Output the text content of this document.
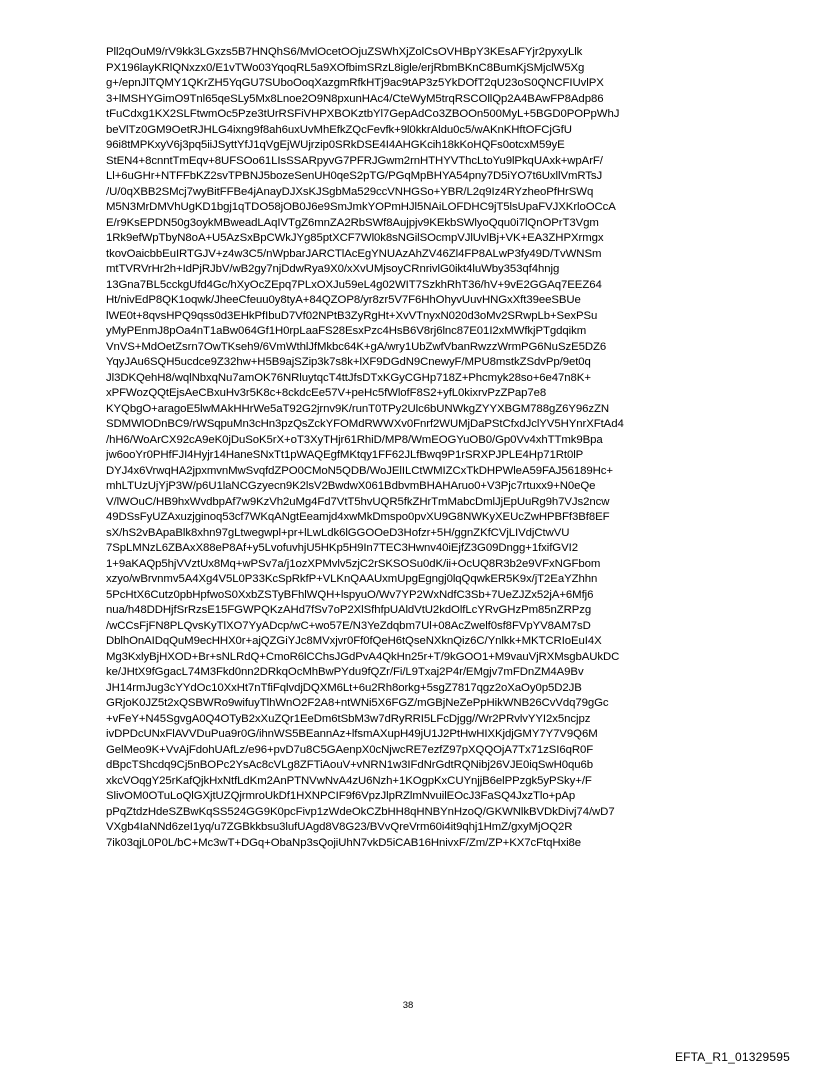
Pll2qOuM9/rV9kk3LGxzs5B7HNQhS6/MvlOcetOOjuZSWhXjZolCsOVHBpY3KEsAFYjr2pyxyLlk
PX196layKRlQNxzx0/E1vTWo03YqoqRL5a9XOfbimSRzL8igle/erjRbmBKnC8BumKjSMjclW5Xg
g+/epnJlTQMY1QKrZH5YqGU7SUboOoqXazgmRfkHTj9ac9tAP3z5YkDOfT2qU23oS0QNCFIUvlPX
3+lMSHYGimO9Tnl65qeSLy5Mx8Lnoe2O9N8pxunHAc4/CteWyM5trqRSCOllQp2A4BAwFP8Adp86
tFuCdxg1KX2SLFtwmOc5Pze3tUrRSFiVHPXBOKztbYl7GepAdCo3ZBOOn500MyL+5BGD0POPpWhJ
beVlTz0GM9OetRJHLG4ixng9f8ah6uxUvMhEfkZQcFevfk+9l0kkrAldu0c5/wAKnKHftOFCjGfU
96i8tMPKxyV6j3pq5iiJSyttYfJ1qVgEjWUjrzip0SRkDSE4I4AHGKcih18kKoHQFs0otcxM59yE
StEN4+8cnntTmEqv+8UFSOo61LIsSSARpyvG7PFRJGwm2rnHTHYVThcLtoYu9lPkqUAxk+wpArF/
Ll+6uGHr+NTFFbKZ2svTPBNJ5bozeSenUH0qeS2pTG/PGqMpBHYA54pny7D5iYO7t6UxllVmRTsJ
/U/0qXBB2SMcj7wyBitFFBe4jAnayDJXsKJSgbMa529ccVNHGSo+YBR/L2q9Iz4RYzheoPfHrSWq
M5N3MrDMVhUgKD1bgj1qTDO58jOB0J6e9SmJmkYOPmHJl5NAiLOFDHC9jT5lsUpaFVJXKrloOCcA
E/r9KsEPDN50g3oykMBweadLAqIVTgZ6mnZA2RbSWf8Aujpjv9KEkbSWlyoQqu0i7lQnOPrT3Vgm
1Rk9efWpTbyN8oA+U5AzSxBpCWkJYg85ptXCF7Wl0k8sNGilSOcmpVJlUvlBj+VK+EA3ZHPXrmgx
tkovOaicbbEuIRTGJV+z4w3C5/nWpbarJARCTlAcEgYNUAzAhZV46Zl4FP8ALwP3fy49D/TvWNSm
mtTVRVrHr2h+IdPjRJbV/wB2gy7njDdwRya9X0/xXvUMjsoyCRnrivlG0ikt4luWby353qf4hnjg
13Gna7BL5cckgUfd4Gc/hXyOcZEpq7PLxOXJu59eL4g02WIT7SzkhRhT36/hV+9vE2GGAq7EEZ64
Ht/nivEdP8QK1oqwk/JheeCfeuu0y8tyA+84QZOP8/yr8zr5V7F6HhOhyvUuvHNGxXft39eeSBUe
lWE0t+8qvsHPQ9qss0d3EHkPfIbuD7Vf02NPtB3ZyRgHt+XvVTnyxN020d3oMv2SRwpLb+SexPSu
yMyPEnmJ8pOa4nT1aBw064Gf1H0rpLaaFS28EsxPzc4HsB6V8rj6lnc87E01I2xMWfkjPTgdqikm
VnVS+MdOetZsrn7OwTKseh9/6VmWthlJfMkbc64K+gA/wry1UbZwfVbanRwzzWrmPG6NuSzE5DZ6
YqyJAu6SQH5ucdce9Z32hw+H5B9ajSZip3k7s8k+lXF9DGdN9CnewyF/MPU8mstkZSdvPp/9et0q
Jl3DKQehH8/wqlNbxqNu7amOK76NRluytqcT4ttJfsDTxKGyCGHp718Z+Phcmyk28so+6e47n8K+
xPFWozQQtEjsAeCBxuHv3r5K8c+8ckdcEe57V+peHc5fWlofF8S2+yfL0kixrvPzZPap7e8
KYQbgO+aragoE5lwMAkHHrWe5aT92G2jrnv9K/runT0TPy2Ulc6bUNWkgZYYXBGM788gZ6Y96zZN
SDMWlODnBC9/rWSqpuMn3cHn3pzQsZckYFOMdRWWXv0Fnrf2WUMjDaPStCfxdJclYV5HYnrXFtAd4
/hH6/WoArCX92cA9eK0jDuSoK5rX+oT3XyTHjr61RhiD/MP8/WmEOGYuOB0/Gp0Vv4xhTTmk9Bpa
jw6ooYr0PHfFJI4Hyjr14HaneSNxTt1pWAQEgfMKtqy1FF62JLfBwq9P1rSRXPJPLE4Hp71Rt0lP
DYJ4x6VrwqHA2jpxmvnMwSvqfdZPO0CMoN5QDB/WoJElILCtWMIZCxTkDHPWleA59FAJ56189Hc+
mhLTUzUjYjP3W/p6U1laNCGzyecn9K2lsV2BwdwX061BdbvmBHAHAruo0+V3Pjc7rtuxx9+N0eQe
V/lWOuC/HB9hxWvdbpAf7w9KzVh2uMg4Fd7VtT5hvUQR5fkZHrTmMabcDmlJjEpUuRg9h7VJs2ncw
49DSsFyUZAxuzjginoq53cf7WKqANgtEeamjd4xwMkDmspo0pvXU9G8NWKyXEUcZwHPBFf3Bf8EF
sX/hS2vBApaBlk8xhn97gLtwegwpl+pr+lLwLdk6lGGOOeD3Hofzr+5H/ggnZKfCVjLIVdjCtwVU
7SpLMNzL6ZBAxX88eP8Af+y5LvofuvhjU5HKp5H9In7TEC3Hwnv40iEjfZ3G09Dngg+1fxifGVI2
1+9aKAQp5hjVVztUx8Mq+wPSv7a/j1ozXPMvlv5zjC2rSKSOSu0dK/ii+OcUQ8R3b2e9VFxNGFbom
xzyo/wBrvnmv5A4Xg4V5L0P33KcSpRkfP+VLKnQAAUxmUpgEgngj0lqQqwkER5K9x/jT2EaYZhhn
5PcHtX6Cutz0pbHpfwoS0XxbZSTyBFhlWQH+lspyuO/Wv7YP2WxNdfC3Sb+7UeZJZx52jA+6Mfj6
nua/h48DDHjfSrRzsE15FGWPQKzAHd7fSv7oP2XlSfhfpUAldVtU2kdOlfLcYRvGHzPm85nZRPzg
/wCCsFjFN8PLQvsKyTlXO7YyADcp/wC+wo57E/N3YeZdqbm7Ul+08AcZwelf0sf8FVpYV8AM7sD
DblhOnAIDqQuM9ecHHX0r+ajQZGiYJc8MVxjvr0Ff0fQeH6tQseNXknQiz6C/Ynlkk+MKTCRIoEuI4X
Mg3KxlyBjHXOD+Br+sNLRdQ+CmoR6lCChsJGdPvA4QkHn25r+T/9kGOO1+M9vauVjRXMsgbAUkDC
ke/JHtX9fGgacL74M3Fkd0nn2DRkqOcMhBwPYdu9fQZr/Fi/L9Txaj2P4r/EMgjv7mFDnZM4A9Bv
JH14rmJug3cYYdOc10XxHt7nTfiFqlvdjDQXM6Lt+6u2Rh8orkg+5sgZ7817qgz2oXaOy0p5D2JB
GRjoK0JZ5t2xQSBWRo9wifuyTlhWnO2F2A8+ntWNi5X6FGZ/mGBjNeZePpHikWNB26CvVdq79gGc
+vFeY+N45SgvgA0Q4OTyB2xXuZQr1EeDm6tSbM3w7dRyRRI5LFcDjgg//Wr2PRvlvYYI2x5ncjpz
ivDPDcUNxFlAVVDuPua9r0G/ihnWS5BEannAz+lfsmAXupH49jU1J2PtHwHIXKjdjGMY7Y7V9Q6M
GelMeo9K+VvAjFdohUAfLz/e96+pvD7u8C5GAenpX0cNjwcRE7ezfZ97pXQQOjA7Tx71zSI6qR0F
dBpcTShcdq9Cj5nBOPc2YsAc8cVLg8ZFTiAouV+vNRN1w3IFdNrGdtRQNibj26VJE0iqSwH0qu6b
xkcVOqgY25rKafQjkHxNtfLdKm2AnPTNVwNvA4zU6Nzh+1KOgpKxCUYnjjB6elPPzgk5yPSky+/F
SlivOM0OTuLoQlGXjtUZQjrmroUkDf1HXNPCIF9f6VpzJlpRZlmNvuilEOcJ3FaSQ4JxzTlo+pAp
pPqZtdzHdeSZBwKqSS524GG9K0pcFivp1zWdeOkCZbHH8qHNBYnHzoQ/GKWNlkBVDkDivj74/wD7
VXgb4IaNNd6zeI1yq/u7ZGBkkbsu3lufUAgd8V8G23/BVvQreVrm60i4it9qhj1HmZ/gxyMjOQ2R
7ik03qjL0P0L/bC+Mc3wT+DGq+ObaNp3sQojiUhN7vkD5iCAB16HnivxF/Zm/ZP+KX7cFtqHxi8e
38
EFTA_R1_01329595
